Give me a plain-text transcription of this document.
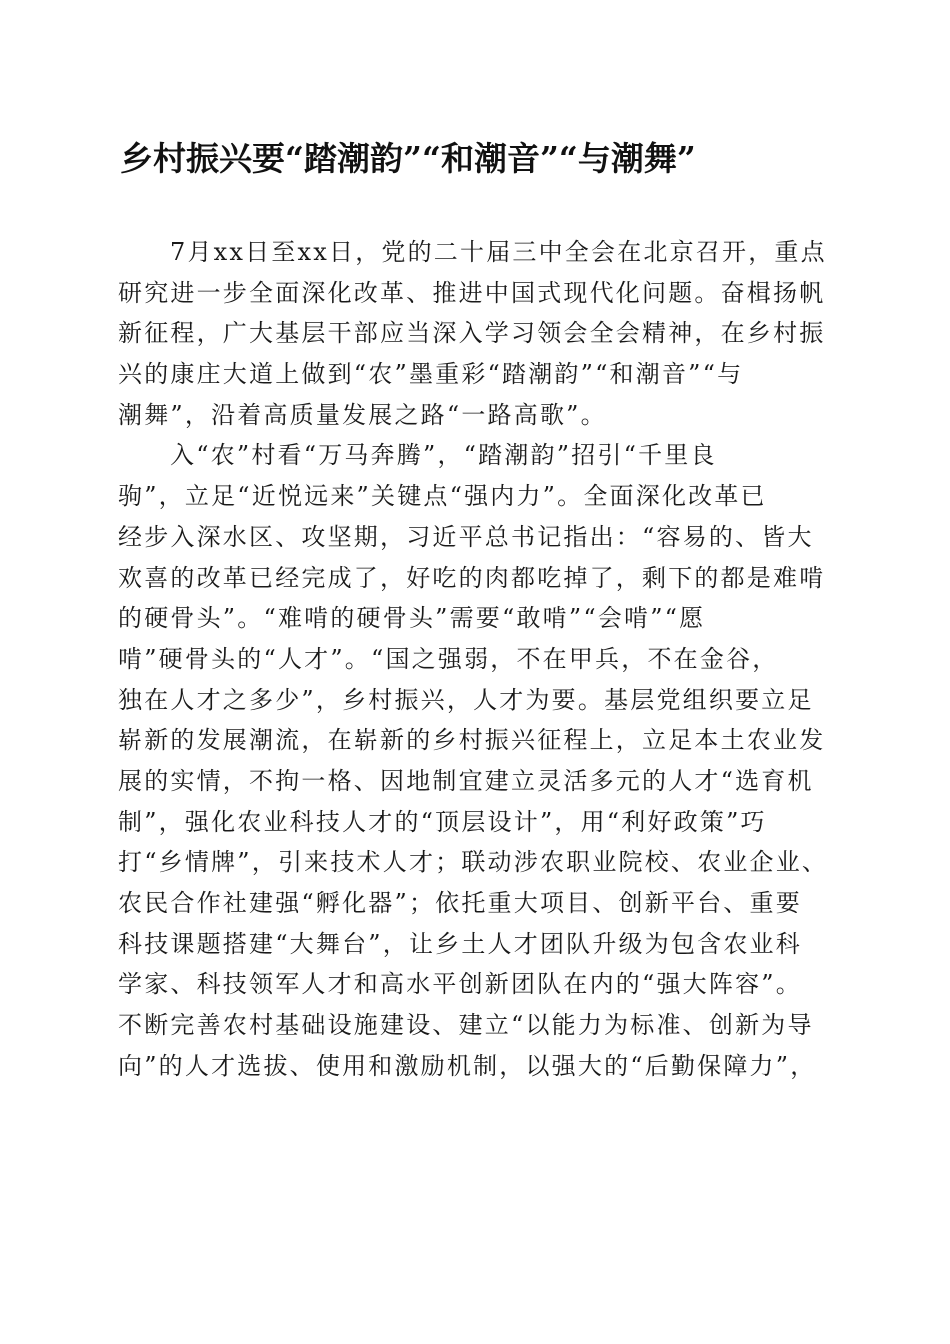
乡村振兴要“踏潮韵”“和潮音”“与潮舞”
7月xx日至xx日，党的二十届三中全会在北京召开，重点
研究进一步全面深化改革、推进中国式现代化问题。奋楫扬帆
新征程，广大基层干部应当深入学习领会全会精神，在乡村振
兴的康庄大道上做到“农”墨重彩“踏潮韵”“和潮音”“与
潮舞”，沿着高质量发展之路“一路高歌”。
入“农”村看“万马奔腾”，“踏潮韵”招引“千里良
驹”，立足“近悦远来”关键点“强内力”。全面深化改革已
经步入深水区、攻坚期，习近平总书记指出：“容易的、皆大
欢喜的改革已经完成了，好吃的肉都吃掉了，剩下的都是难啃
的硬骨头”。“难啃的硬骨头”需要“敢啃”“会啃”“愿
啃”硬骨头的“人才”。“国之强弱，不在甲兵，不在金谷，
独在人才之多少”，乡村振兴，人才为要。基层党组织要立足
崭新的发展潮流，在崭新的乡村振兴征程上，立足本土农业发
展的实情，不拘一格、因地制宜建立灵活多元的人才“选育机
制”，强化农业科技人才的“顶层设计”，用“利好政策”巧
打“乡情牌”，引来技术人才；联动涉农职业院校、农业企业、
农民合作社建强“孵化器”；依托重大项目、创新平台、重要
科技课题搭建“大舞台”，让乡土人才团队升级为包含农业科
学家、科技领军人才和高水平创新团队在内的“强大阵容”。
不断完善农村基础设施建设、建立“以能力为标准、创新为导
向”的人才选拔、使用和激励机制，以强大的“后勤保障力”，
